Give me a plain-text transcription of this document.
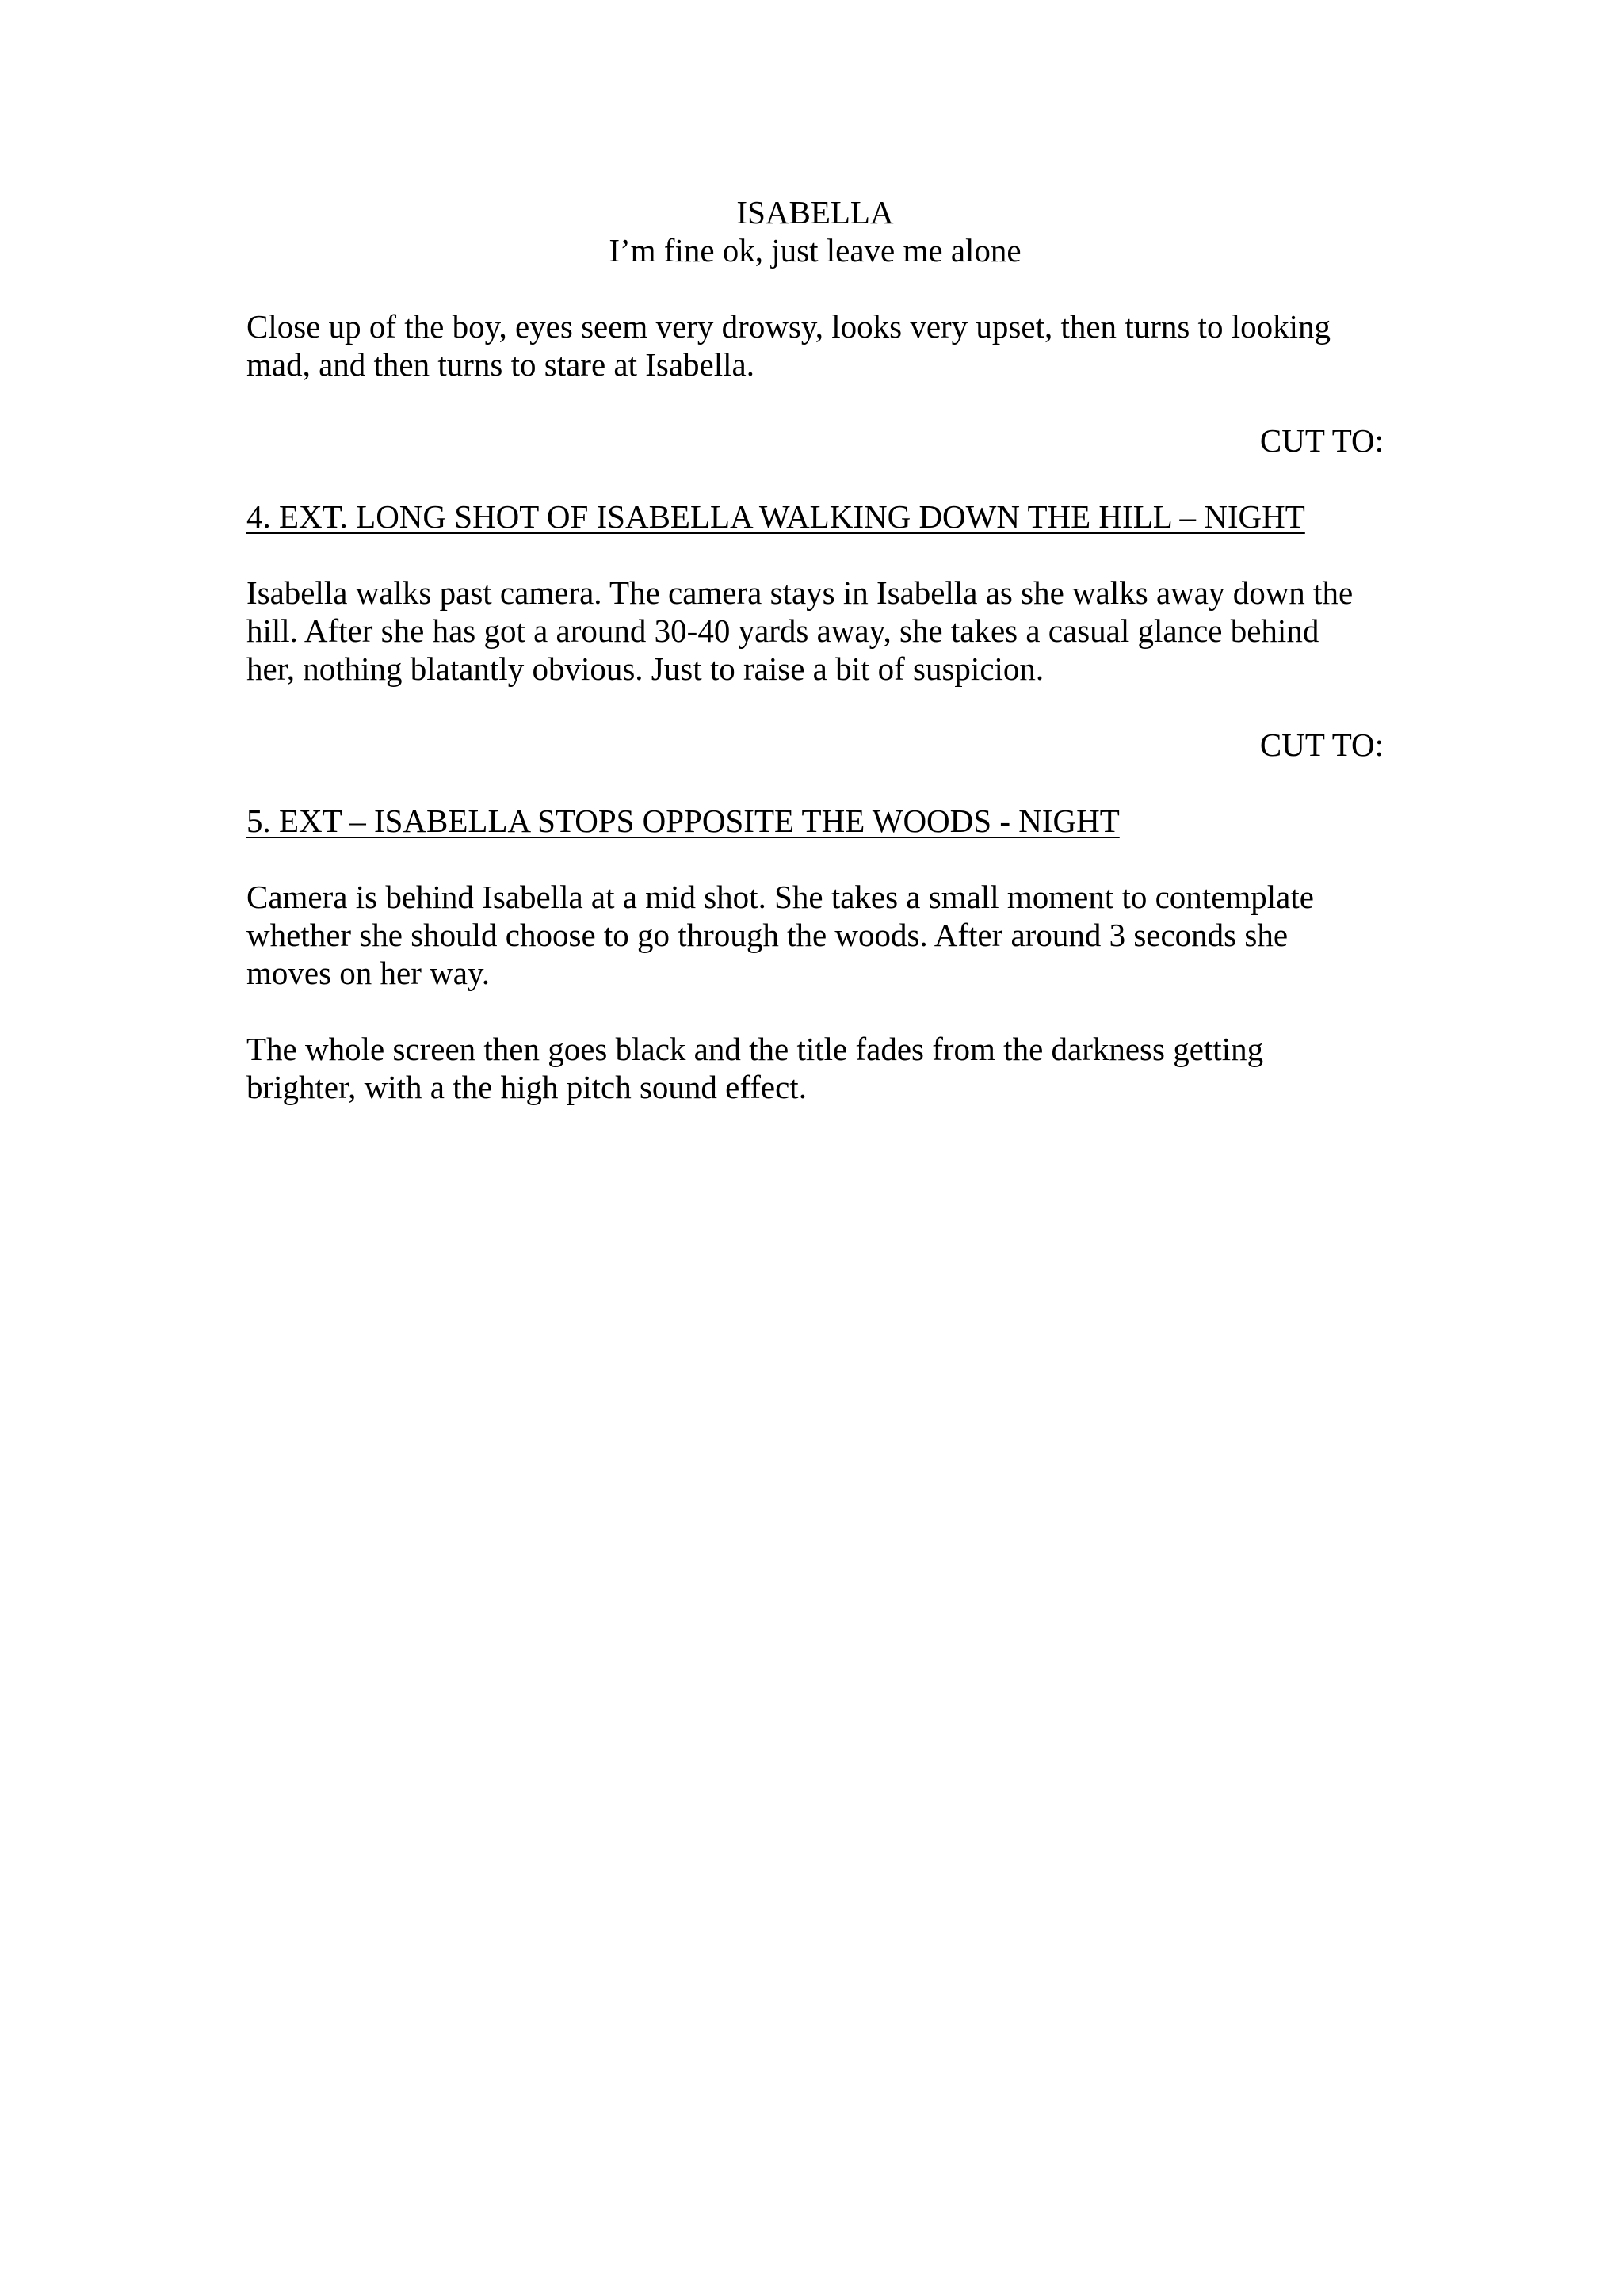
ISABELLA

I’m fine ok, just leave me alone

Close up of the boy, eyes seem very drowsy, looks very upset, then turns to looking
mad, and then turns to stare at Isabella.

CUT TO:

4. EXT. LONG SHOT OF ISABELLA WALKING DOWN THE HILL – NIGHT

Isabella walks past camera. The camera stays in Isabella as she walks away down the
hill. After she has got a around 30-40 yards away, she takes a casual glance behind
her, nothing blatantly obvious. Just to raise a bit of suspicion.

CUT TO:

5. EXT – ISABELLA STOPS OPPOSITE THE WOODS - NIGHT

Camera is behind Isabella at a mid shot. She takes a small moment to contemplate
whether she should choose to go through the woods. After around 3 seconds she
moves on her way.
The whole screen then goes black and the title fades from the darkness getting
brighter, with a the high pitch sound effect.
